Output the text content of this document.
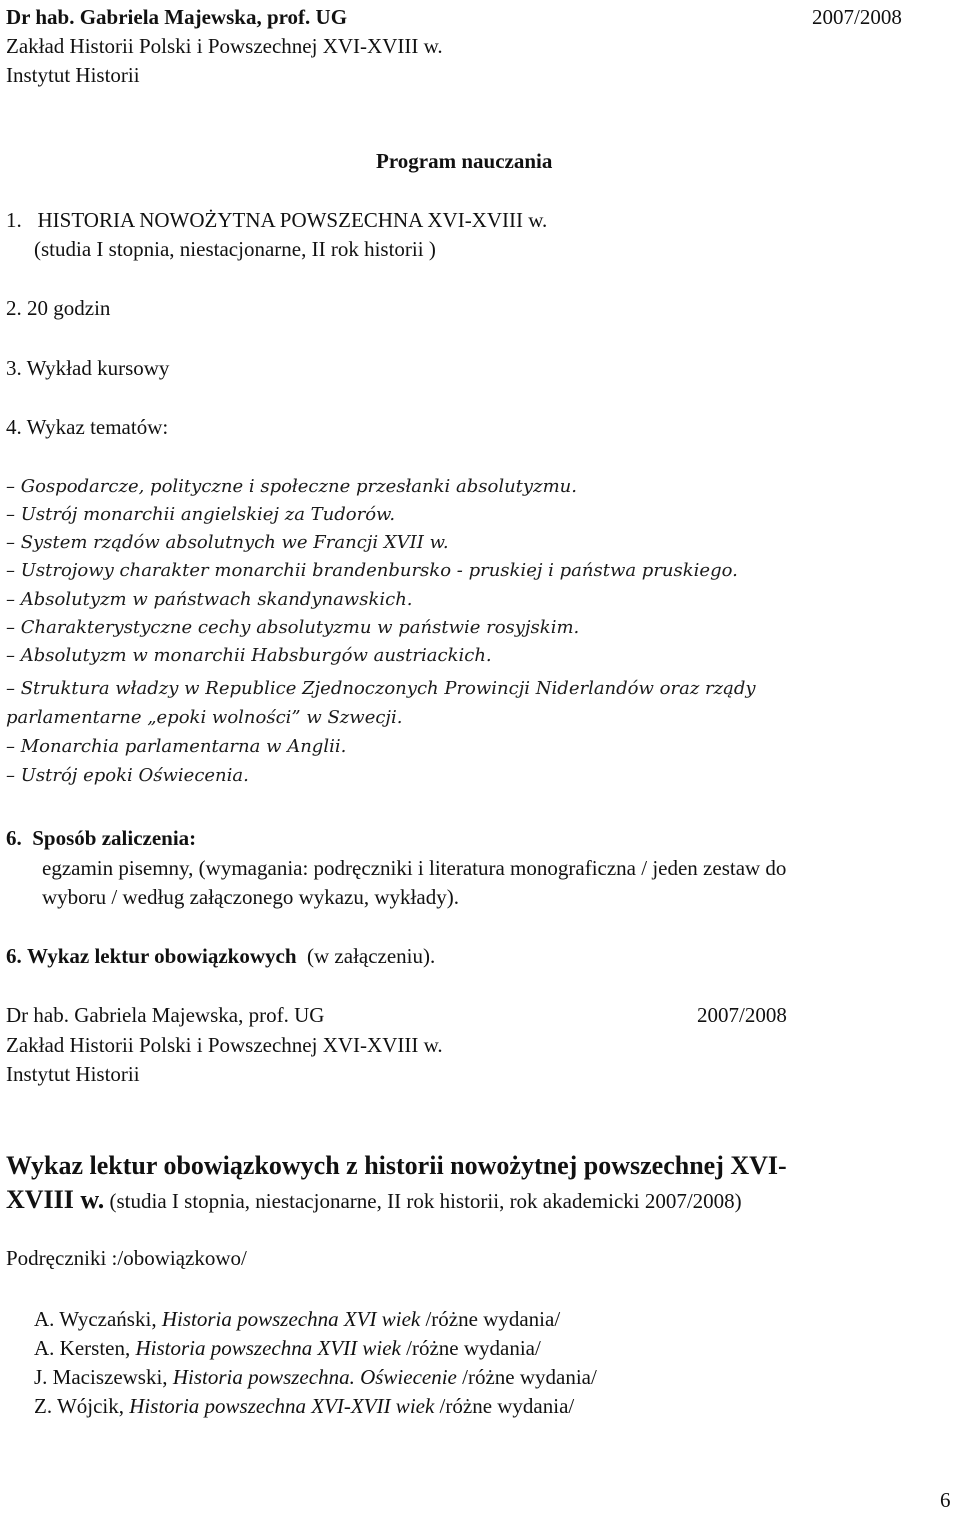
Dr hab. Gabriela Majewska, prof. UG	2007/2008
Zakład Historii Polski i Powszechnej XVI-XVIII w.
Instytut Historii
Program nauczania
1. HISTORIA NOWOŻYTNA POWSZECHNA XVI-XVIII w.
(studia I stopnia, niestacjonarne, II rok historii )
2. 20 godzin
3. Wykład kursowy
4. Wykaz tematów:
– Gospodarcze, polityczne i społeczne przesłanki absolutyzmu.
– Ustrój monarchii angielskiej za Tudorów.
– System rządów absolutnych we Francji XVII w.
– Ustrojowy charakter monarchii brandenbursko - pruskiej i państwa pruskiego.
– Absolutyzm w państwach skandynawskich.
– Charakterystyczne cechy absolutyzmu w państwie rosyjskim.
– Absolutyzm w monarchii Habsburgów austriackich.
– Struktura władzy w Republice Zjednoczonych Prowincji Niderlandów oraz rządy
parlamentarne „epoki wolności” w Szwecji.
– Monarchia parlamentarna w Anglii.
– Ustrój epoki Oświecenia.
6. Sposób zaliczenia:
egzamin pisemny, (wymagania: podręczniki i literatura monograficzna / jeden zestaw do
wyboru / według załączonego wykazu, wykłady).
6. Wykaz lektur obowiązkowych (w załączeniu).
Dr hab. Gabriela Majewska, prof. UG	2007/2008
Zakład Historii Polski i Powszechnej XVI-XVIII w.
Instytut Historii
Wykaz lektur obowiązkowych z historii nowożytnej powszechnej XVI-
XVIII w. (studia I stopnia, niestacjonarne, II rok historii, rok akademicki 2007/2008)
Podręczniki :/obowiązkowo/
A. Wyczański, Historia powszechna XVI wiek /różne wydania/
A. Kersten, Historia powszechna XVII wiek /różne wydania/
J. Maciszewski, Historia powszechna. Oświecenie /różne wydania/
Z. Wójcik, Historia powszechna XVI-XVII wiek /różne wydania/
6
